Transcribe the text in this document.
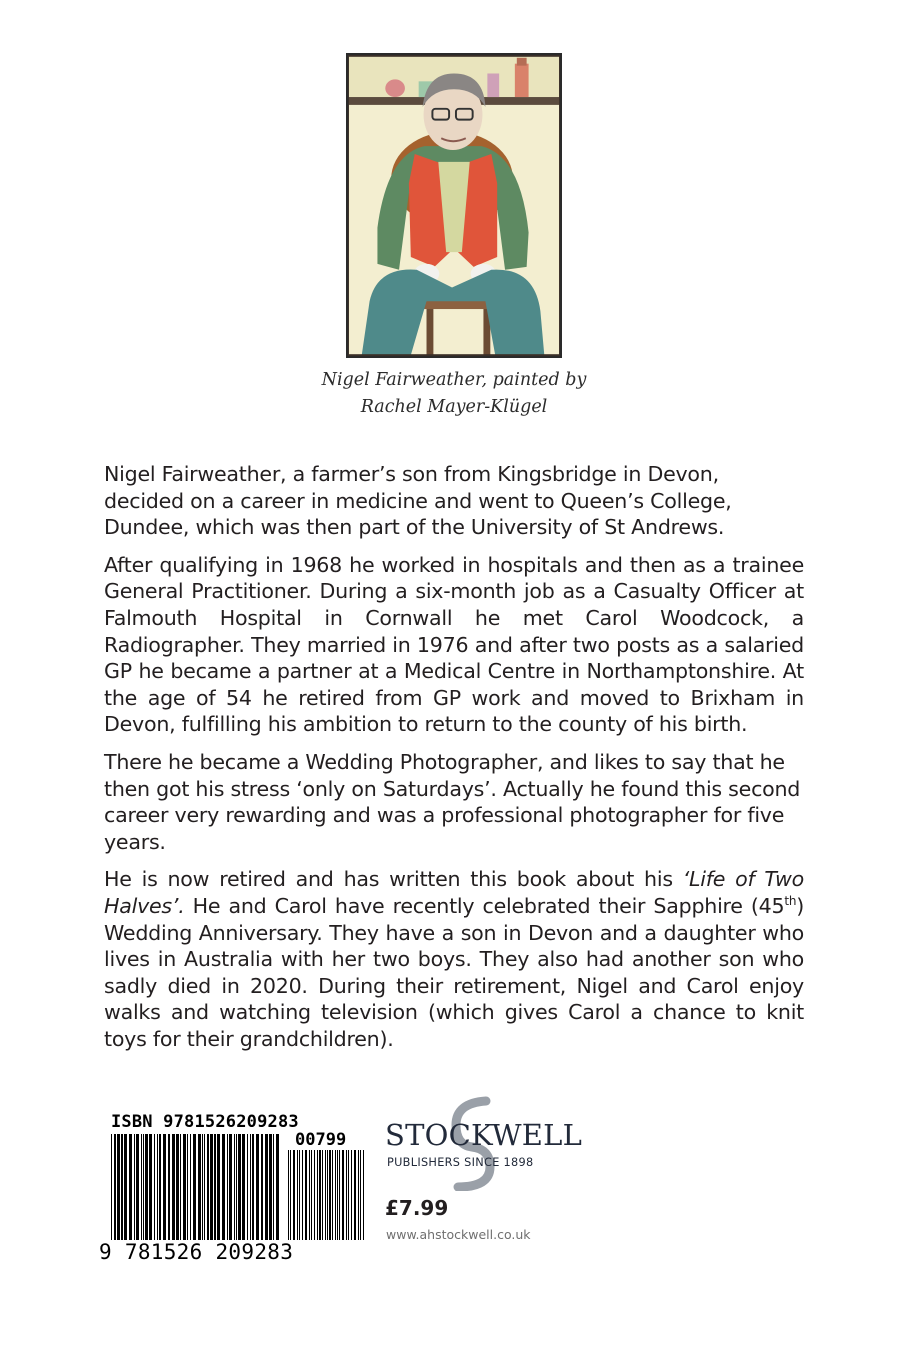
Nigel Fairweather, painted by
Rachel Mayer-Klügel

Nigel Fairweather, a farmer’s son from Kingsbridge in Devon, decided on a career in medicine and went to Queen’s College, Dundee, which was then part of the University of St Andrews.

After qualifying in 1968 he worked in hospitals and then as a trainee General Practitioner. During a six-month job as a Casualty Officer at Falmouth Hospital in Cornwall he met Carol Woodcock, a Radiographer. They married in 1976 and after two posts as a salaried GP he became a partner at a Medical Centre in Northamptonshire. At the age of 54 he retired from GP work and moved to Brixham in Devon, fulfilling his ambition to return to the county of his birth.

There he became a Wedding Photographer, and likes to say that he then got his stress ‘only on Saturdays’. Actually he found this second career very rewarding and was a professional photographer for five years.

He is now retired and has written this book about his ‘Life of Two Halves’. He and Carol have recently celebrated their Sapphire (45th) Wedding Anniversary. They have a son in Devon and a daughter who lives in Australia with her two boys. They also had another son who sadly died in 2020. During their retirement, Nigel and Carol enjoy walks and watching television (which gives Carol a chance to knit toys for their grandchildren).

ISBN 9781526209283
00799
9 781526 209283
STOCKWELL
PUBLISHERS SINCE 1898
£7.99
www.ahstockwell.co.uk
